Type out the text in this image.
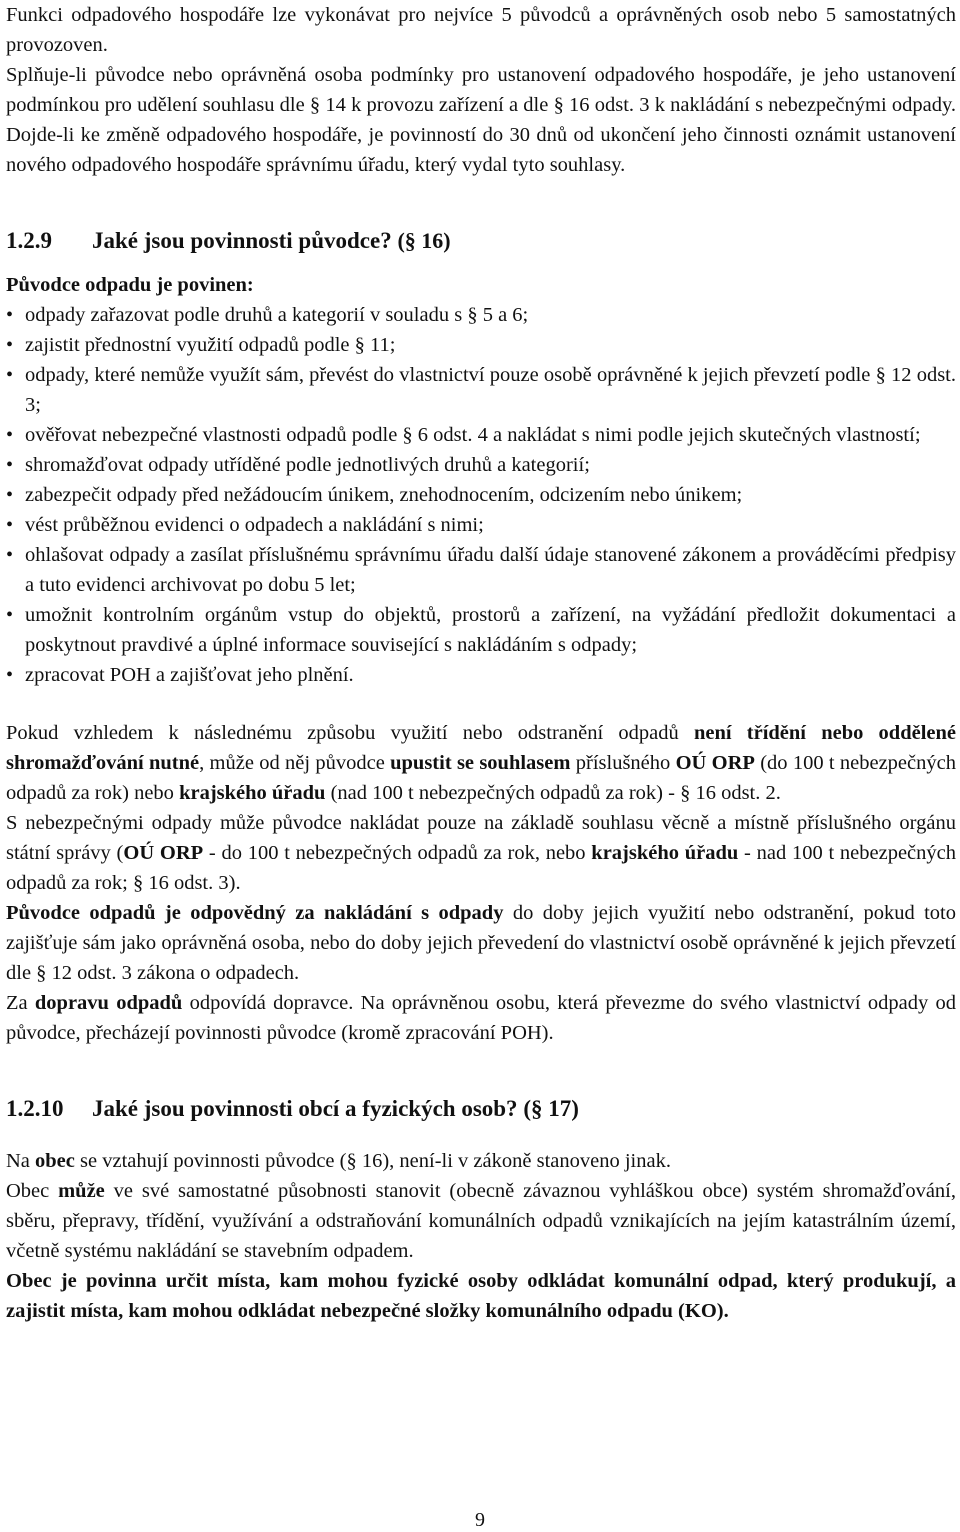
Funkci odpadového hospodáře lze vykonávat pro nejvíce 5 původců a oprávněných osob nebo 5 samostatných provozoven.

Splňuje-li původce nebo oprávněná osoba podmínky pro ustanovení odpadového hospodáře, je jeho ustanovení podmínkou pro udělení souhlasu dle § 14 k provozu zařízení a dle § 16 odst. 3 k nakládání s nebezpečnými odpady. Dojde-li ke změně odpadového hospodáře, je povinností do 30 dnů od ukončení jeho činnosti oznámit ustanovení nového odpadového hospodáře správnímu úřadu, který vydal tyto souhlasy.

1.2.9 Jaké jsou povinnosti původce? (§ 16)

Původce odpadu je povinen:

• odpady zařazovat podle druhů a kategorií v souladu s § 5 a 6;
• zajistit přednostní využití odpadů podle § 11;
• odpady, které nemůže využít sám, převést do vlastnictví pouze osobě oprávněné k jejich převzetí podle § 12 odst. 3;
• ověřovat nebezpečné vlastnosti odpadů podle § 6 odst. 4 a nakládat s nimi podle jejich skutečných vlastností;
• shromažďovat odpady utříděné podle jednotlivých druhů a kategorií;
• zabezpečit odpady před nežádoucím únikem, znehodnocením, odcizením nebo únikem;
• vést průběžnou evidenci o odpadech a nakládání s nimi;
• ohlašovat odpady a zasílat příslušnému správnímu úřadu další údaje stanovené zákonem a prováděcími předpisy a tuto evidenci archivovat po dobu 5 let;
• umožnit kontrolním orgánům vstup do objektů, prostorů a zařízení, na vyžádání předložit dokumentaci a poskytnout pravdivé a úplné informace související s nakládáním s odpady;
• zpracovat POH a zajišťovat jeho plnění.

Pokud vzhledem k následnému způsobu využití nebo odstranění odpadů není třídění nebo oddělené shromažďování nutné, může od něj původce upustit se souhlasem příslušného OÚ ORP (do 100 t nebezpečných odpadů za rok) nebo krajského úřadu (nad 100 t nebezpečných odpadů za rok) - § 16 odst. 2.

S nebezpečnými odpady může původce nakládat pouze na základě souhlasu věcně a místně příslušného orgánu státní správy (OÚ ORP - do 100 t nebezpečných odpadů za rok, nebo krajského úřadu - nad 100 t nebezpečných odpadů za rok; § 16 odst. 3).

Původce odpadů je odpovědný za nakládání s odpady do doby jejich využití nebo odstranění, pokud toto zajišťuje sám jako oprávněná osoba, nebo do doby jejich převedení do vlastnictví osobě oprávněné k jejich převzetí dle § 12 odst. 3 zákona o odpadech.

Za dopravu odpadů odpovídá dopravce. Na oprávněnou osobu, která převezme do svého vlastnictví odpady od původce, přecházejí povinnosti původce (kromě zpracování POH).

1.2.10 Jaké jsou povinnosti obcí a fyzických osob? (§ 17)

Na obec se vztahují povinnosti původce (§ 16), není-li v zákoně stanoveno jinak.

Obec může ve své samostatné působnosti stanovit (obecně závaznou vyhláškou obce) systém shromažďování, sběru, přepravy, třídění, využívání a odstraňování komunálních odpadů vznikajících na jejím katastrálním území, včetně systému nakládání se stavebním odpadem.

Obec je povinna určit místa, kam mohou fyzické osoby odkládat komunální odpad, který produkují, a zajistit místa, kam mohou odkládat nebezpečné složky komunálního odpadu (KO).

9
